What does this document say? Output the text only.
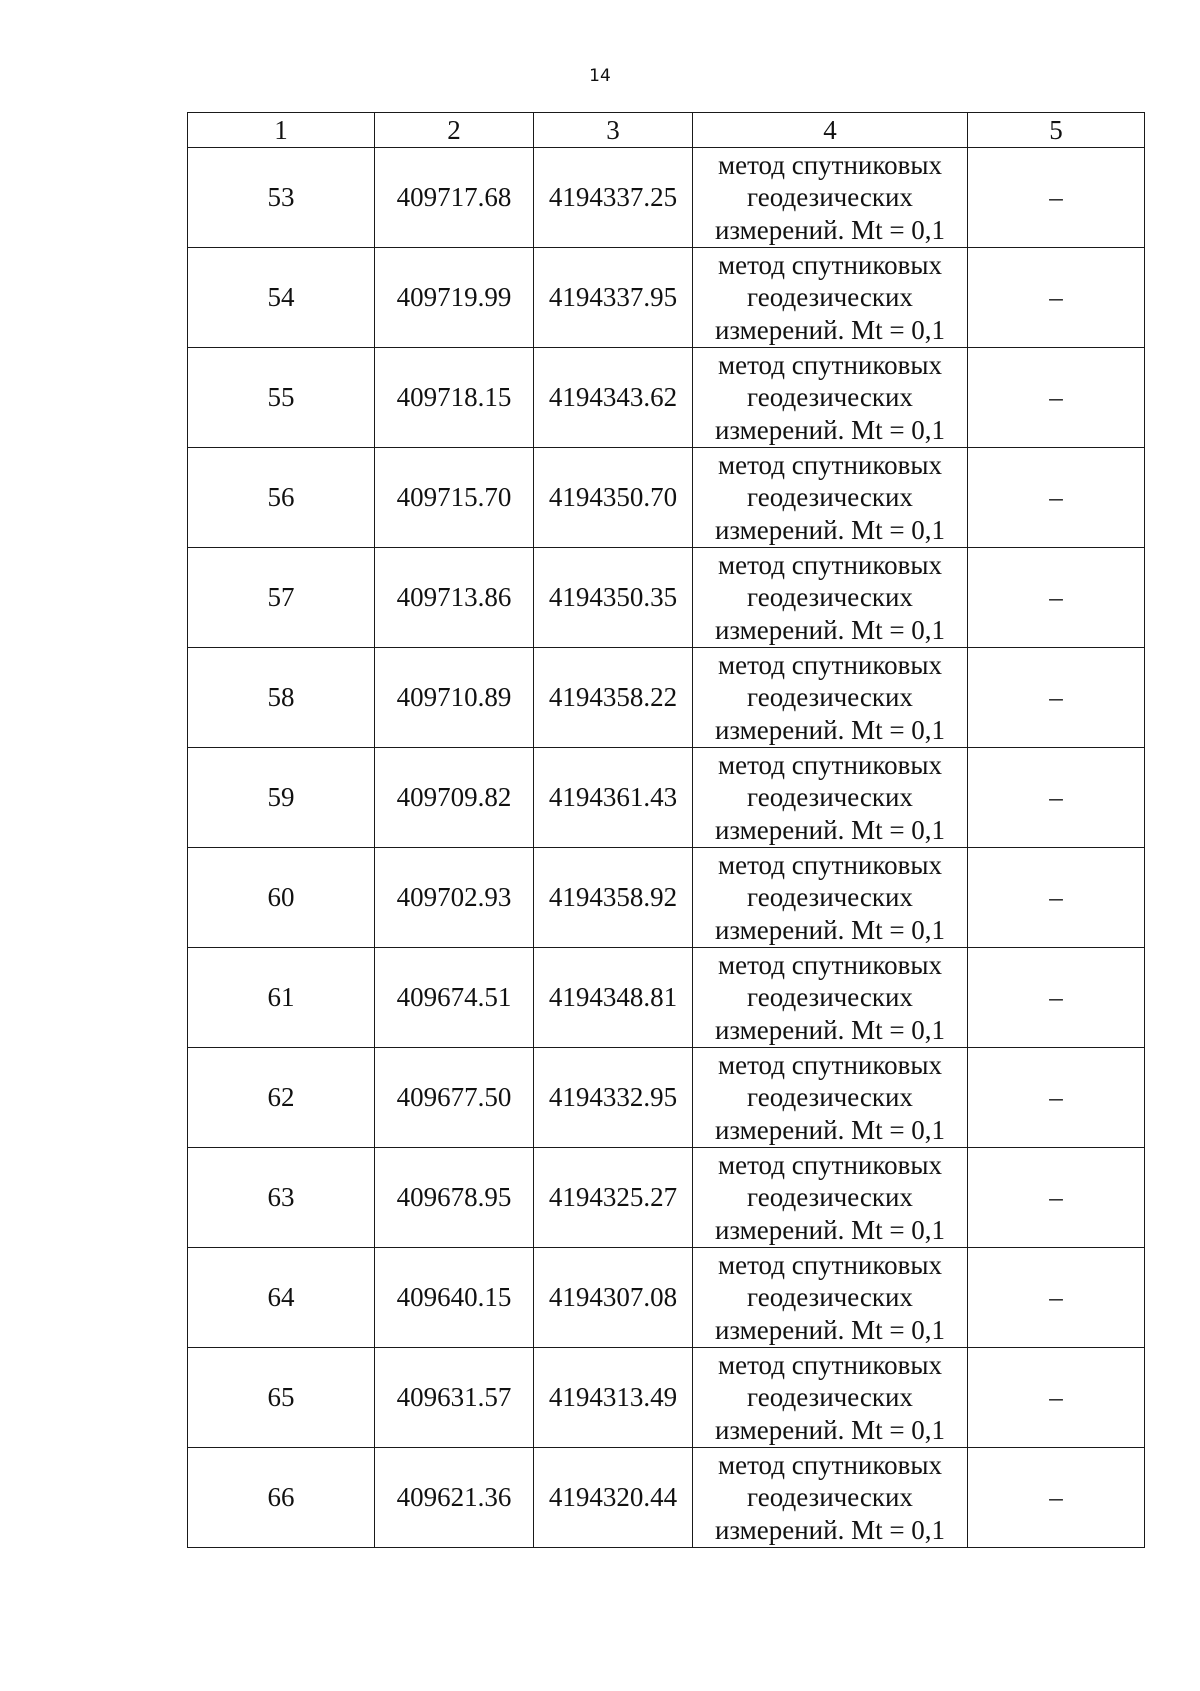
14
1	2	3	4	5
53	409717.68	4194337.25	метод спутниковых
геодезических
измерений. Mt = 0,1	–
54	409719.99	4194337.95	метод спутниковых
геодезических
измерений. Mt = 0,1	–
55	409718.15	4194343.62	метод спутниковых
геодезических
измерений. Mt = 0,1	–
56	409715.70	4194350.70	метод спутниковых
геодезических
измерений. Mt = 0,1	–
57	409713.86	4194350.35	метод спутниковых
геодезических
измерений. Mt = 0,1	–
58	409710.89	4194358.22	метод спутниковых
геодезических
измерений. Mt = 0,1	–
59	409709.82	4194361.43	метод спутниковых
геодезических
измерений. Mt = 0,1	–
60	409702.93	4194358.92	метод спутниковых
геодезических
измерений. Mt = 0,1	–
61	409674.51	4194348.81	метод спутниковых
геодезических
измерений. Mt = 0,1	–
62	409677.50	4194332.95	метод спутниковых
геодезических
измерений. Mt = 0,1	–
63	409678.95	4194325.27	метод спутниковых
геодезических
измерений. Mt = 0,1	–
64	409640.15	4194307.08	метод спутниковых
геодезических
измерений. Mt = 0,1	–
65	409631.57	4194313.49	метод спутниковых
геодезических
измерений. Mt = 0,1	–
66	409621.36	4194320.44	метод спутниковых
геодезических
измерений. Mt = 0,1	–
